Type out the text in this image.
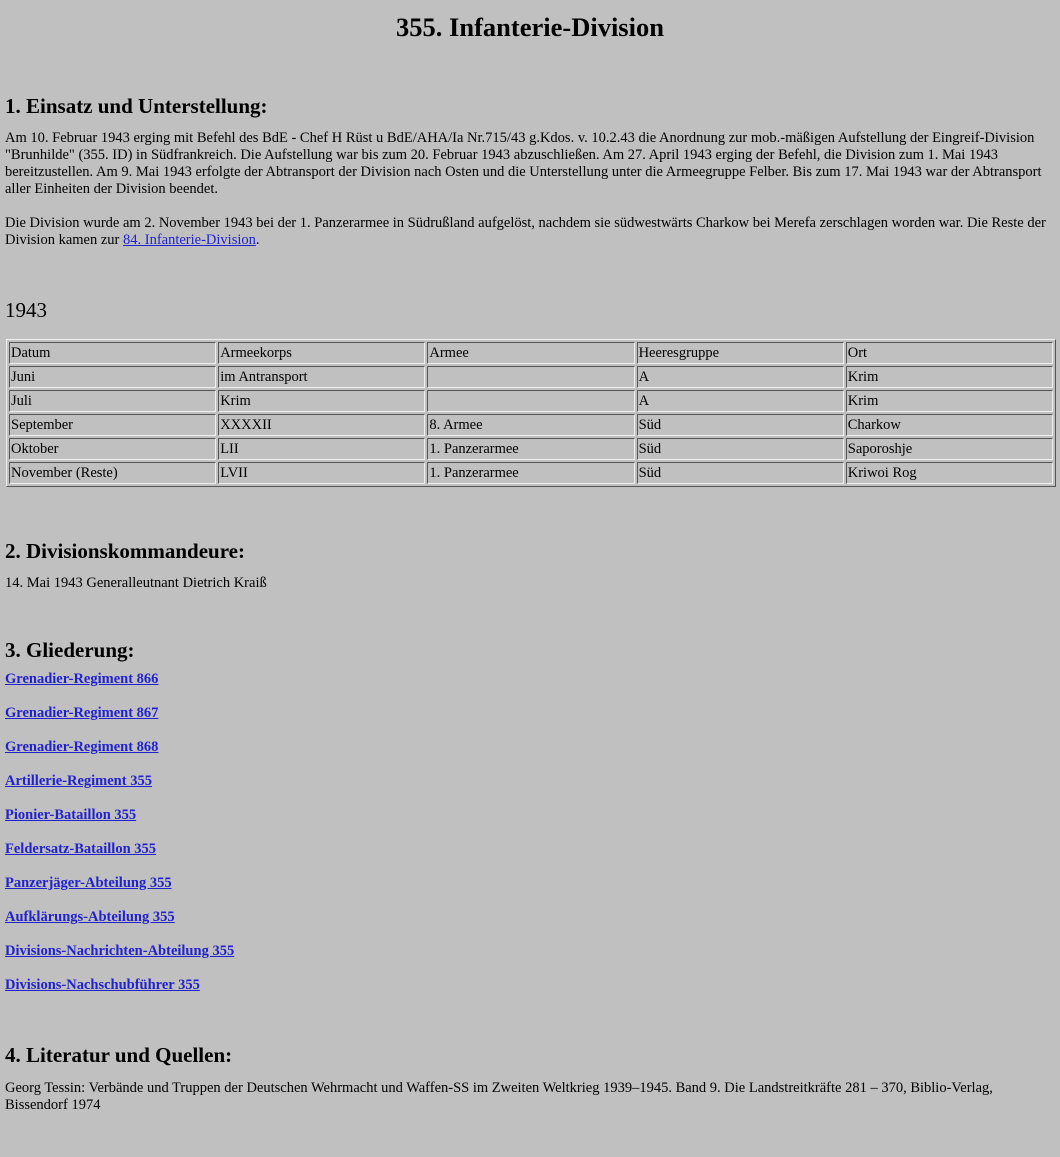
355. Infanterie-Division
1. Einsatz und Unterstellung:

Am 10. Februar 1943 erging mit Befehl des BdE - Chef H Rüst u BdE/AHA/Ia Nr.715/43 g.Kdos. v. 10.2.43 die Anordnung zur mob.-mäßigen Aufstellung der Eingreif-Division "Brunhilde" (355. ID) in Südfrankreich. Die Aufstellung war bis zum 20. Februar 1943 abzuschließen. Am 27. April 1943 erging der Befehl, die Division zum 1. Mai 1943 bereitzustellen. Am 9. Mai 1943 erfolgte der Abtransport der Division nach Osten und die Unterstellung unter die Armeegruppe Felber. Bis zum 17. Mai 1943 war der Abtransport aller Einheiten der Division beendet.

Die Division wurde am 2. November 1943 bei der 1. Panzerarmee in Südrußland aufgelöst, nachdem sie südwestwärts Charkow bei Merefa zerschlagen worden war. Die Reste der Division kamen zur 84. Infanterie-Division.

1943
Datum	Armeekorps	Armee	Heeresgruppe	Ort
Juni	im Antransport		A	Krim
Juli	Krim		A	Krim
September	XXXXII	8. Armee	Süd	Charkow
Oktober	LII	1. Panzerarmee	Süd	Saporoshje
November (Reste)	LVII	1. Panzerarmee	Süd	Kriwoi Rog
2. Divisionskommandeure:

14. Mai 1943 Generalleutnant Dietrich Kraiß

3. Gliederung:

Grenadier-Regiment 866

Grenadier-Regiment 867

Grenadier-Regiment 868

Artillerie-Regiment 355

Pionier-Bataillon 355

Feldersatz-Bataillon 355

Panzerjäger-Abteilung 355

Aufklärungs-Abteilung 355

Divisions-Nachrichten-Abteilung 355

Divisions-Nachschubführer 355

4. Literatur und Quellen:

Georg Tessin: Verbände und Truppen der Deutschen Wehrmacht und Waffen-SS im Zweiten Weltkrieg 1939–1945. Band 9. Die Landstreitkräfte 281 – 370, Biblio-Verlag, Bissendorf 1974
